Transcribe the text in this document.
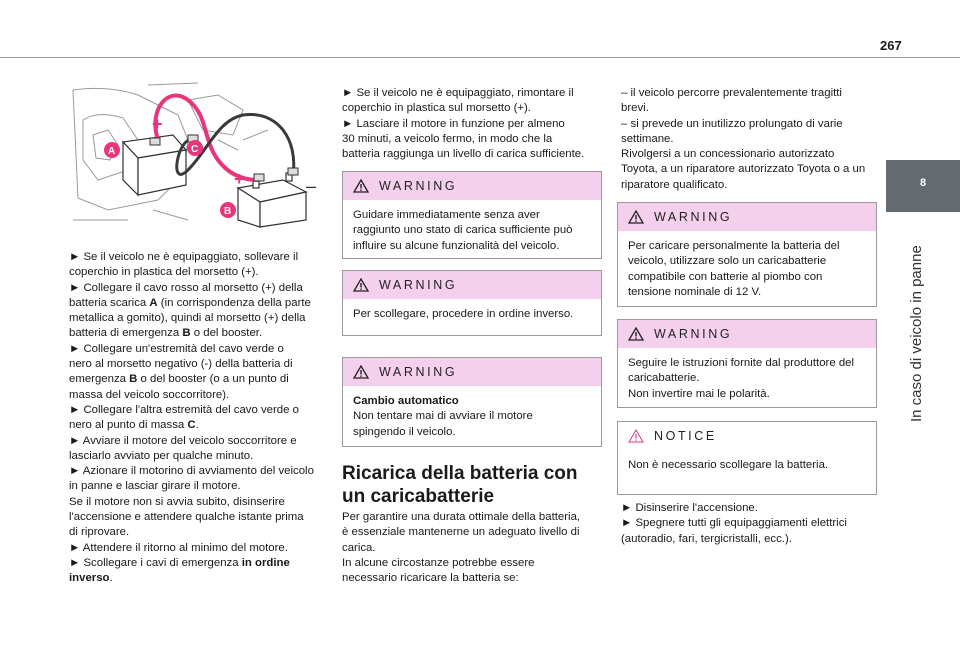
267
8
In caso di veicolo in panne
+
+	–
A	C
B

► Se il veicolo ne è equipaggiato, sollevare il

coperchio in plastica del morsetto (+).

► Collegare il cavo rosso al morsetto (+) della

batteria scarica A (in corrispondenza della parte

metallica a gomito), quindi al morsetto (+) della

batteria di emergenza B o del booster.

► Collegare un'estremità del cavo verde o

nero al morsetto negativo (-) della batteria di

emergenza B o del booster (o a un punto di

massa del veicolo soccorritore).

► Collegare l'altra estremità del cavo verde o

nero al punto di massa C.

► Avviare il motore del veicolo soccorritore e

lasciarlo avviato per qualche minuto.

► Azionare il motorino di avviamento del veicolo

in panne e lasciar girare il motore.

Se il motore non si avvia subito, disinserire

l'accensione e attendere qualche istante prima

di riprovare.

► Attendere il ritorno al minimo del motore.

► Scollegare i cavi di emergenza in ordine

inverso.

► Se il veicolo ne è equipaggiato, rimontare il

coperchio in plastica sul morsetto (+).

► Lasciare il motore in funzione per almeno

30 minuti, a veicolo fermo, in modo che la

batteria raggiunga un livello di carica sufficiente.

WARNING

Guidare immediatamente senza aver

raggiunto uno stato di carica sufficiente può

influire su alcune funzionalità del veicolo.

WARNING

Per scollegare, procedere in ordine inverso.

WARNING

Cambio automatico

Non tentare mai di avviare il motore

spingendo il veicolo.

Ricarica della batteria con
un caricabatterie

Per garantire una durata ottimale della batteria,

è essenziale mantenerne un adeguato livello di

carica.

In alcune circostanze potrebbe essere

necessario ricaricare la batteria se:

– il veicolo percorre prevalentemente tragitti

brevi.

– si prevede un inutilizzo prolungato di varie

settimane.

Rivolgersi a un concessionario autorizzato

Toyota, a un riparatore autorizzato Toyota o a un

riparatore qualificato.

WARNING

Per caricare personalmente la batteria del

veicolo, utilizzare solo un caricabatterie

compatibile con batterie al piombo con

tensione nominale di 12 V.

WARNING

Seguire le istruzioni fornite dal produttore del

caricabatterie.

Non invertire mai le polarità.

NOTICE

Non è necessario scollegare la batteria.

► Disinserire l'accensione.

► Spegnere tutti gli equipaggiamenti elettrici

(autoradio, fari, tergicristalli, ecc.).
